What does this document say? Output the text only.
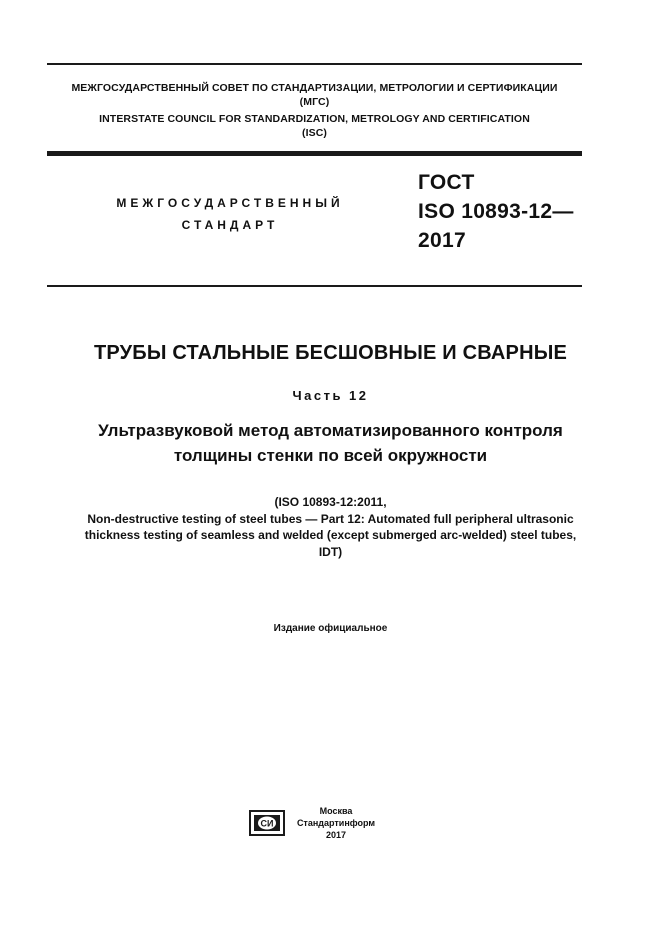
МЕЖГОСУДАРСТВЕННЫЙ СОВЕТ ПО СТАНДАРТИЗАЦИИ, МЕТРОЛОГИИ И СЕРТИФИКАЦИИ
(МГС)
INTERSTATE COUNCIL FOR STANDARDIZATION, METROLOGY AND CERTIFICATION
(ISC)
МЕЖГОСУДАРСТВЕННЫЙ
СТАНДАРТ
ГОСТ
ISO 10893-12—
2017
ТРУБЫ СТАЛЬНЫЕ БЕСШОВНЫЕ И СВАРНЫЕ
Часть 12
Ультразвуковой метод автоматизированного контроля
толщины стенки по всей окружности
(ISO 10893-12:2011,
Non-destructive testing of steel tubes — Part 12: Automated full peripheral ultrasonic
thickness testing of seamless and welded (except submerged arc-welded) steel tubes,
IDT)
Издание официальное
СИ
Москва
Стандартинформ
2017
